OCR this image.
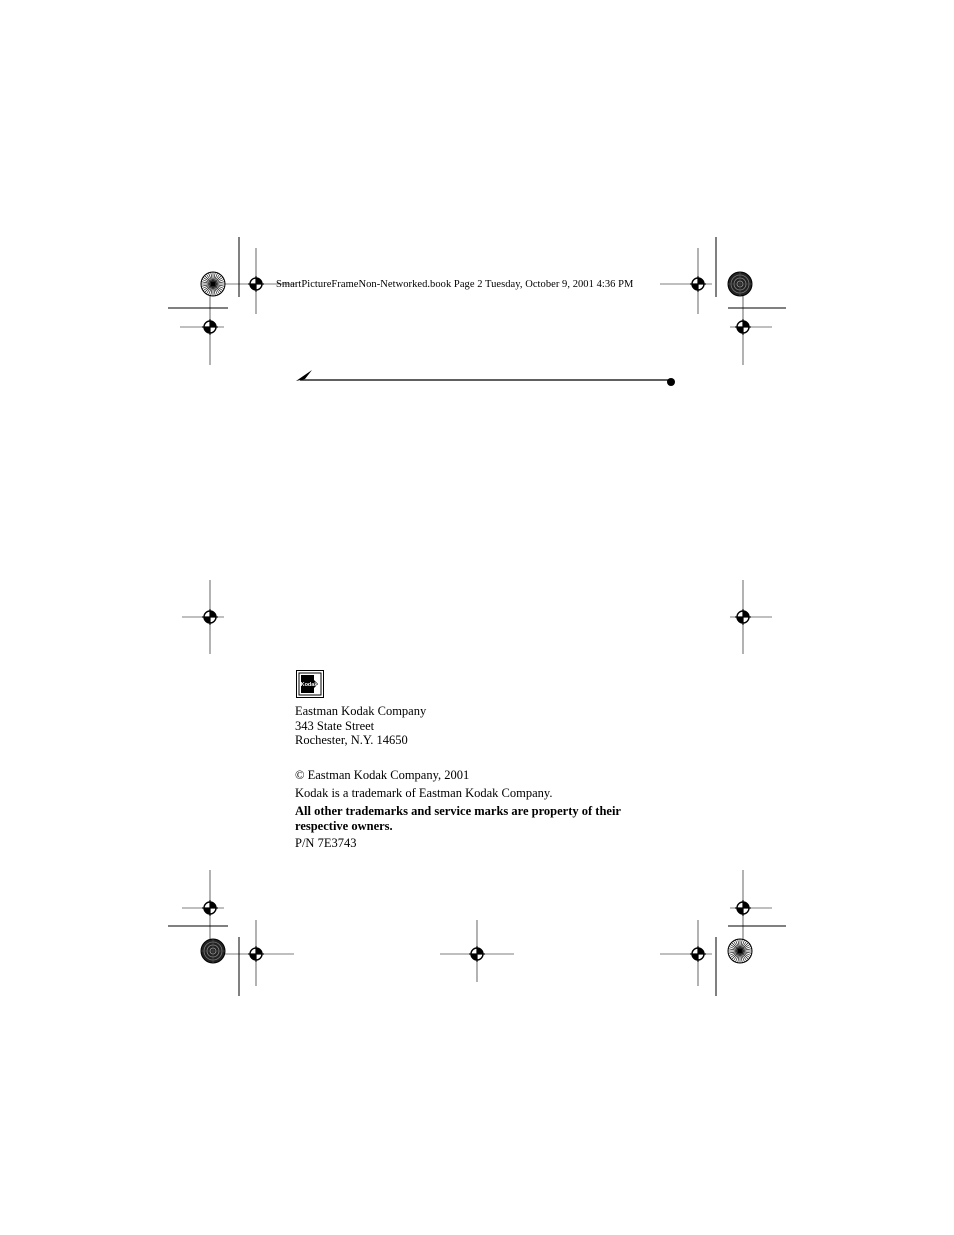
SmartPictureFrameNon-Networked.book Page 2 Tuesday, October 9, 2001 4:36 PM
Kodak
Eastman Kodak Company
343 State Street
Rochester, N.Y. 14650
© Eastman Kodak Company, 2001
Kodak is a trademark of Eastman Kodak Company.
All other trademarks and service marks are property of their respective owners.
P/N 7E3743
